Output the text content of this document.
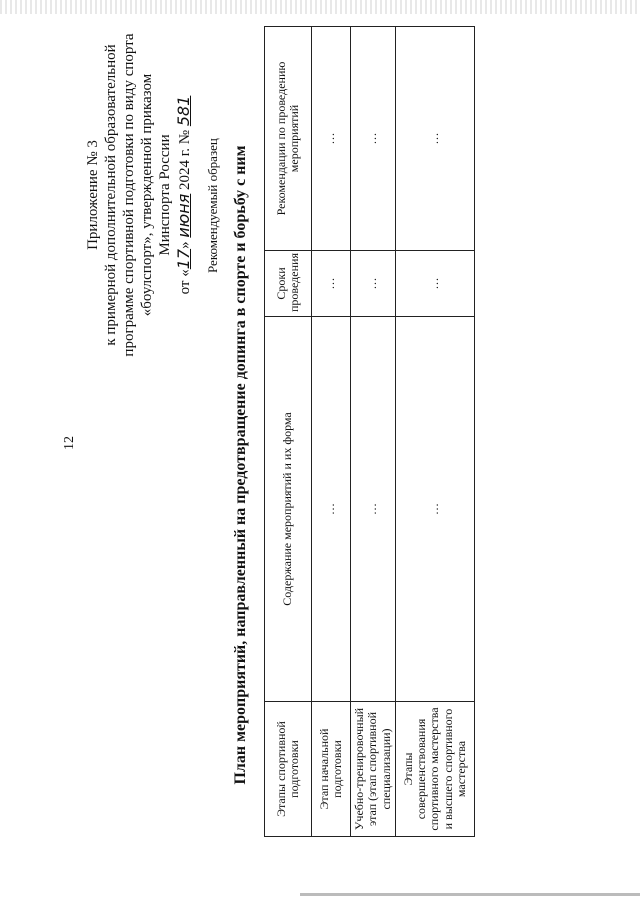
12
Приложение № 3 к примерной дополнительной образовательной программе спортивной подготовки по виду спорта «боулспорт», утвержденной приказом Минспорта России
от «17» июня 2024 г. № 581
Рекомендуемый образец План мероприятий, направленный на предотвращение допинга в спорте и борьбу с ним Этапы спортивной подготовки	Содержание мероприятий и их форма	Сроки проведения	Рекомендации по проведению мероприятий
Этап начальной подготовки	…	…	…
Учебно-тренировочный этап (этап спортивной специализации)	…	…	…
Этапы совершенствования спортивного мастерства и высшего спортивного мастерства	…	…	…
